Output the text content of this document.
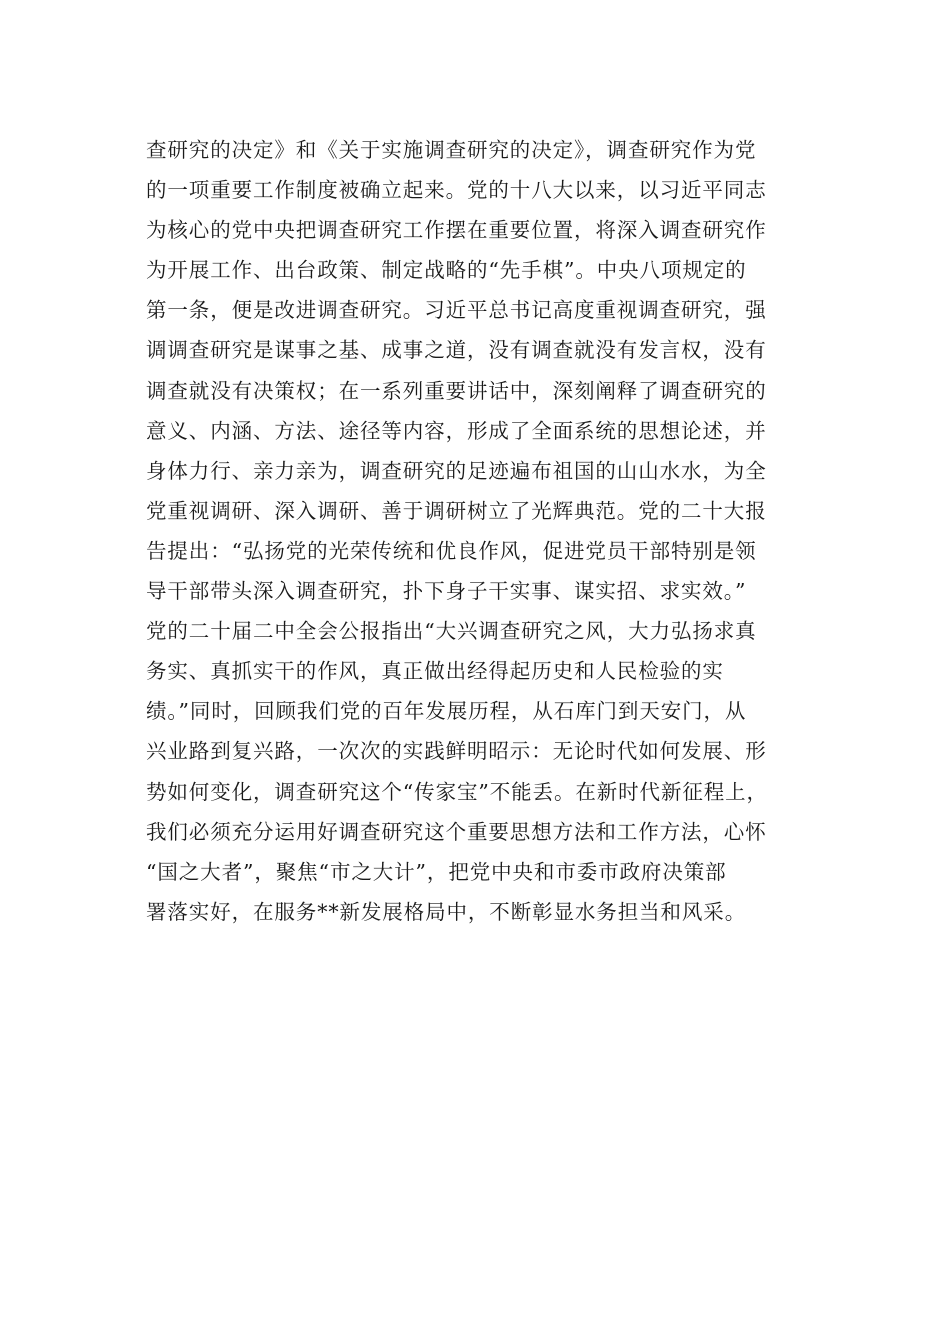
查研究的决定》和《关于实施调查研究的决定》，调查研究作为党
的一项重要工作制度被确立起来。党的十八大以来，以习近平同志
为核心的党中央把调查研究工作摆在重要位置，将深入调查研究作
为开展工作、出台政策、制定战略的“先手棋”。中央八项规定的
第一条，便是改进调查研究。习近平总书记高度重视调查研究，强
调调查研究是谋事之基、成事之道，没有调查就没有发言权，没有
调查就没有决策权；在一系列重要讲话中，深刻阐释了调查研究的
意义、内涵、方法、途径等内容，形成了全面系统的思想论述，并
身体力行、亲力亲为，调查研究的足迹遍布祖国的山山水水，为全
党重视调研、深入调研、善于调研树立了光辉典范。党的二十大报
告提出：“弘扬党的光荣传统和优良作风，促进党员干部特别是领
导干部带头深入调查研究，扑下身子干实事、谋实招、求实效。”
党的二十届二中全会公报指出“大兴调查研究之风，大力弘扬求真
务实、真抓实干的作风，真正做出经得起历史和人民检验的实
绩。”同时，回顾我们党的百年发展历程，从石库门到天安门，从
兴业路到复兴路，一次次的实践鲜明昭示：无论时代如何发展、形
势如何变化，调查研究这个“传家宝”不能丢。在新时代新征程上，
我们必须充分运用好调查研究这个重要思想方法和工作方法，心怀
“国之大者”，聚焦“市之大计”，把党中央和市委市政府决策部
署落实好，在服务**新发展格局中，不断彰显水务担当和风采。
